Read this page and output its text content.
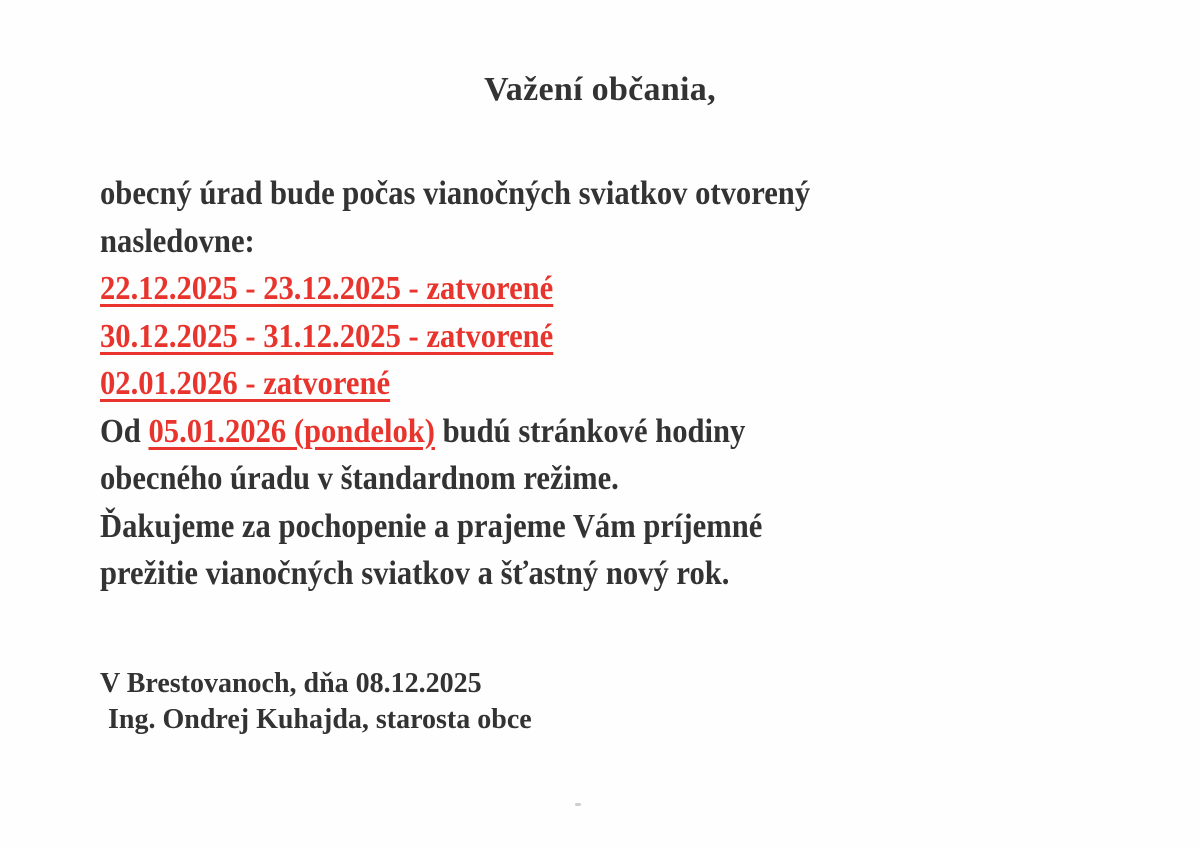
Važení občania,
obecný úrad bude počas vianočných sviatkov otvorený
nasledovne:
22.12.2025 - 23.12.2025 - zatvorené
30.12.2025 - 31.12.2025 - zatvorené
02.01.2026 - zatvorené
Od 05.01.2026 (pondelok) budú stránkové hodiny
obecného úradu v štandardnom režime.
Ďakujeme za pochopenie a prajeme Vám príjemné
prežitie vianočných sviatkov a šťastný nový rok.
V Brestovanoch, dňa 08.12.2025
Ing. Ondrej Kuhajda, starosta obce
